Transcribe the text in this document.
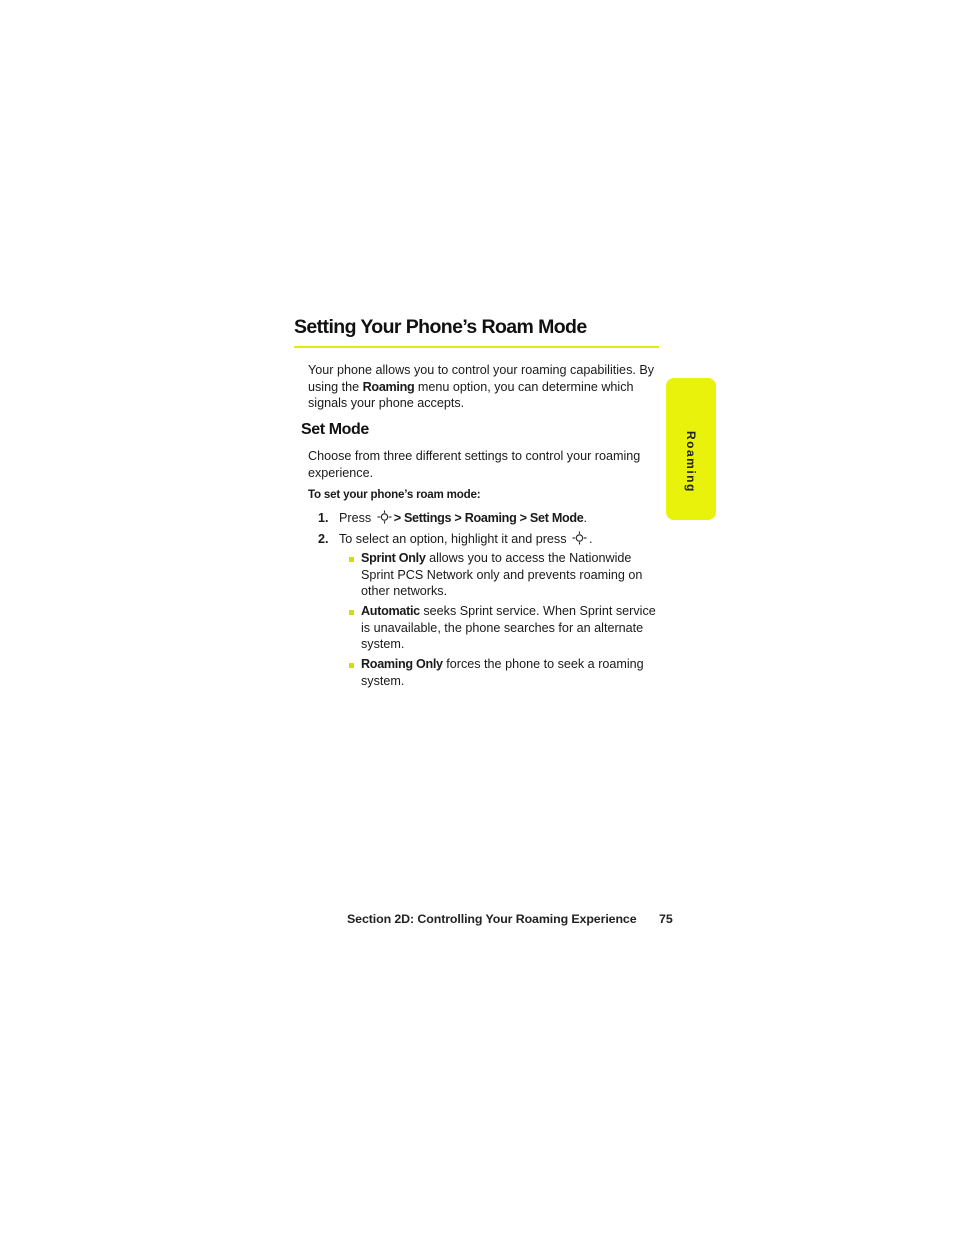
Setting Your Phone’s Roam Mode

Your phone allows you to control your roaming capabilities. By using the Roaming menu option, you can determine which signals your phone accepts.

Set Mode

Choose from three different settings to control your roaming experience.

To set your phone’s roam mode:

1. Press > Settings > Roaming > Set Mode.
2. To select an option, highlight it and press .
Sprint Only allows you to access the Nationwide Sprint PCS Network only and prevents roaming on other networks.
Automatic seeks Sprint service. When Sprint service is unavailable, the phone searches for an alternate system.
Roaming Only forces the phone to seek a roaming system.
Roaming
Section 2D: Controlling Your Roaming Experience 75
